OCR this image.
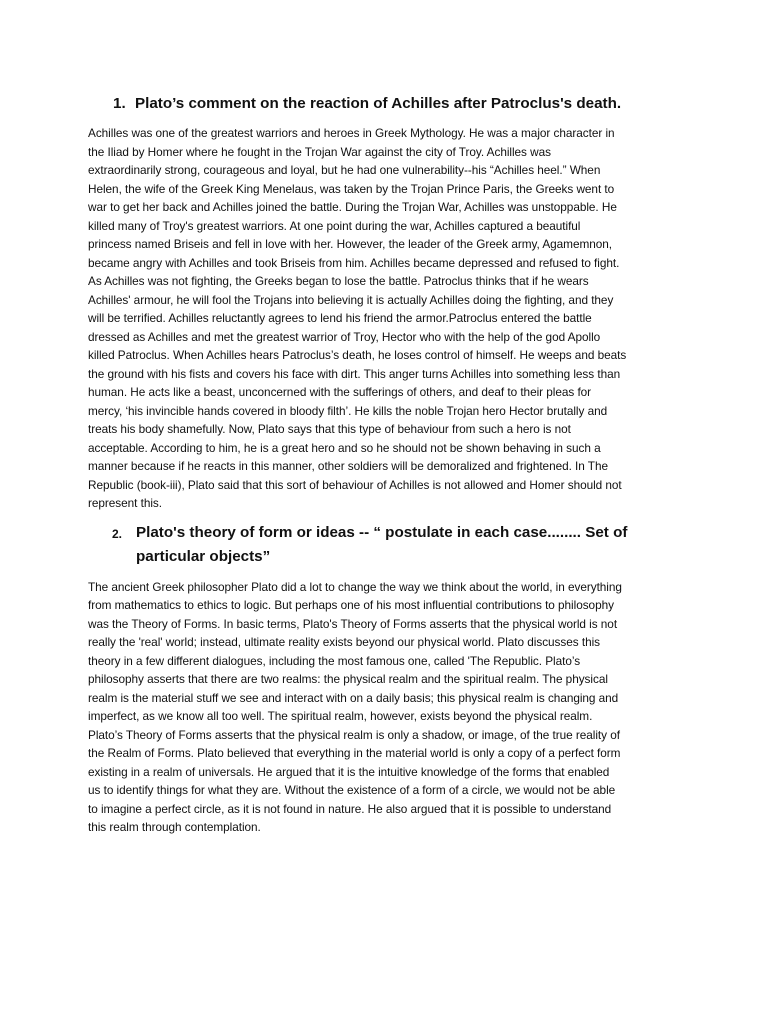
1. Plato’s comment on the reaction of Achilles after Patroclus's death.

Achilles was one of the greatest warriors and heroes in Greek Mythology. He was a major character in
the Iliad by Homer where he fought in the Trojan War against the city of Troy. Achilles was
extraordinarily strong, courageous and loyal, but he had one vulnerability--his “Achilles heel.” When
Helen, the wife of the Greek King Menelaus, was taken by the Trojan Prince Paris, the Greeks went to
war to get her back and Achilles joined the battle. During the Trojan War, Achilles was unstoppable. He
killed many of Troy's greatest warriors. At one point during the war, Achilles captured a beautiful
princess named Briseis and fell in love with her. However, the leader of the Greek army, Agamemnon,
became angry with Achilles and took Briseis from him. Achilles became depressed and refused to fight.
As Achilles was not fighting, the Greeks began to lose the battle. Patroclus thinks that if he wears
Achilles' armour, he will fool the Trojans into believing it is actually Achilles doing the fighting, and they
will be terrified. Achilles reluctantly agrees to lend his friend the armor.Patroclus entered the battle
dressed as Achilles and met the greatest warrior of Troy, Hector who with the help of the god Apollo
killed Patroclus. When Achilles hears Patroclus’s death, he loses control of himself. He weeps and beats
the ground with his fists and covers his face with dirt. This anger turns Achilles into something less than
human. He acts like a beast, unconcerned with the sufferings of others, and deaf to their pleas for
mercy, ‘his invincible hands covered in bloody filth’. He kills the noble Trojan hero Hector brutally and
treats his body shamefully. Now, Plato says that this type of behaviour from such a hero is not
acceptable. According to him, he is a great hero and so he should not be shown behaving in such a
manner because if he reacts in this manner, other soldiers will be demoralized and frightened. In The
Republic (book-iii), Plato said that this sort of behaviour of Achilles is not allowed and Homer should not
represent this.

2. Plato's theory of form or ideas -- “ postulate in each case........ Set of particular objects”

The ancient Greek philosopher Plato did a lot to change the way we think about the world, in everything
from mathematics to ethics to logic. But perhaps one of his most influential contributions to philosophy
was the Theory of Forms. In basic terms, Plato's Theory of Forms asserts that the physical world is not
really the 'real' world; instead, ultimate reality exists beyond our physical world. Plato discusses this
theory in a few different dialogues, including the most famous one, called 'The Republic. Plato’s
philosophy asserts that there are two realms: the physical realm and the spiritual realm. The physical
realm is the material stuff we see and interact with on a daily basis; this physical realm is changing and
imperfect, as we know all too well. The spiritual realm, however, exists beyond the physical realm.
Plato’s Theory of Forms asserts that the physical realm is only a shadow, or image, of the true reality of
the Realm of Forms. Plato believed that everything in the material world is only a copy of a perfect form
existing in a realm of universals. He argued that it is the intuitive knowledge of the forms that enabled
us to identify things for what they are. Without the existence of a form of a circle, we would not be able
to imagine a perfect circle, as it is not found in nature. He also argued that it is possible to understand
this realm through contemplation.
